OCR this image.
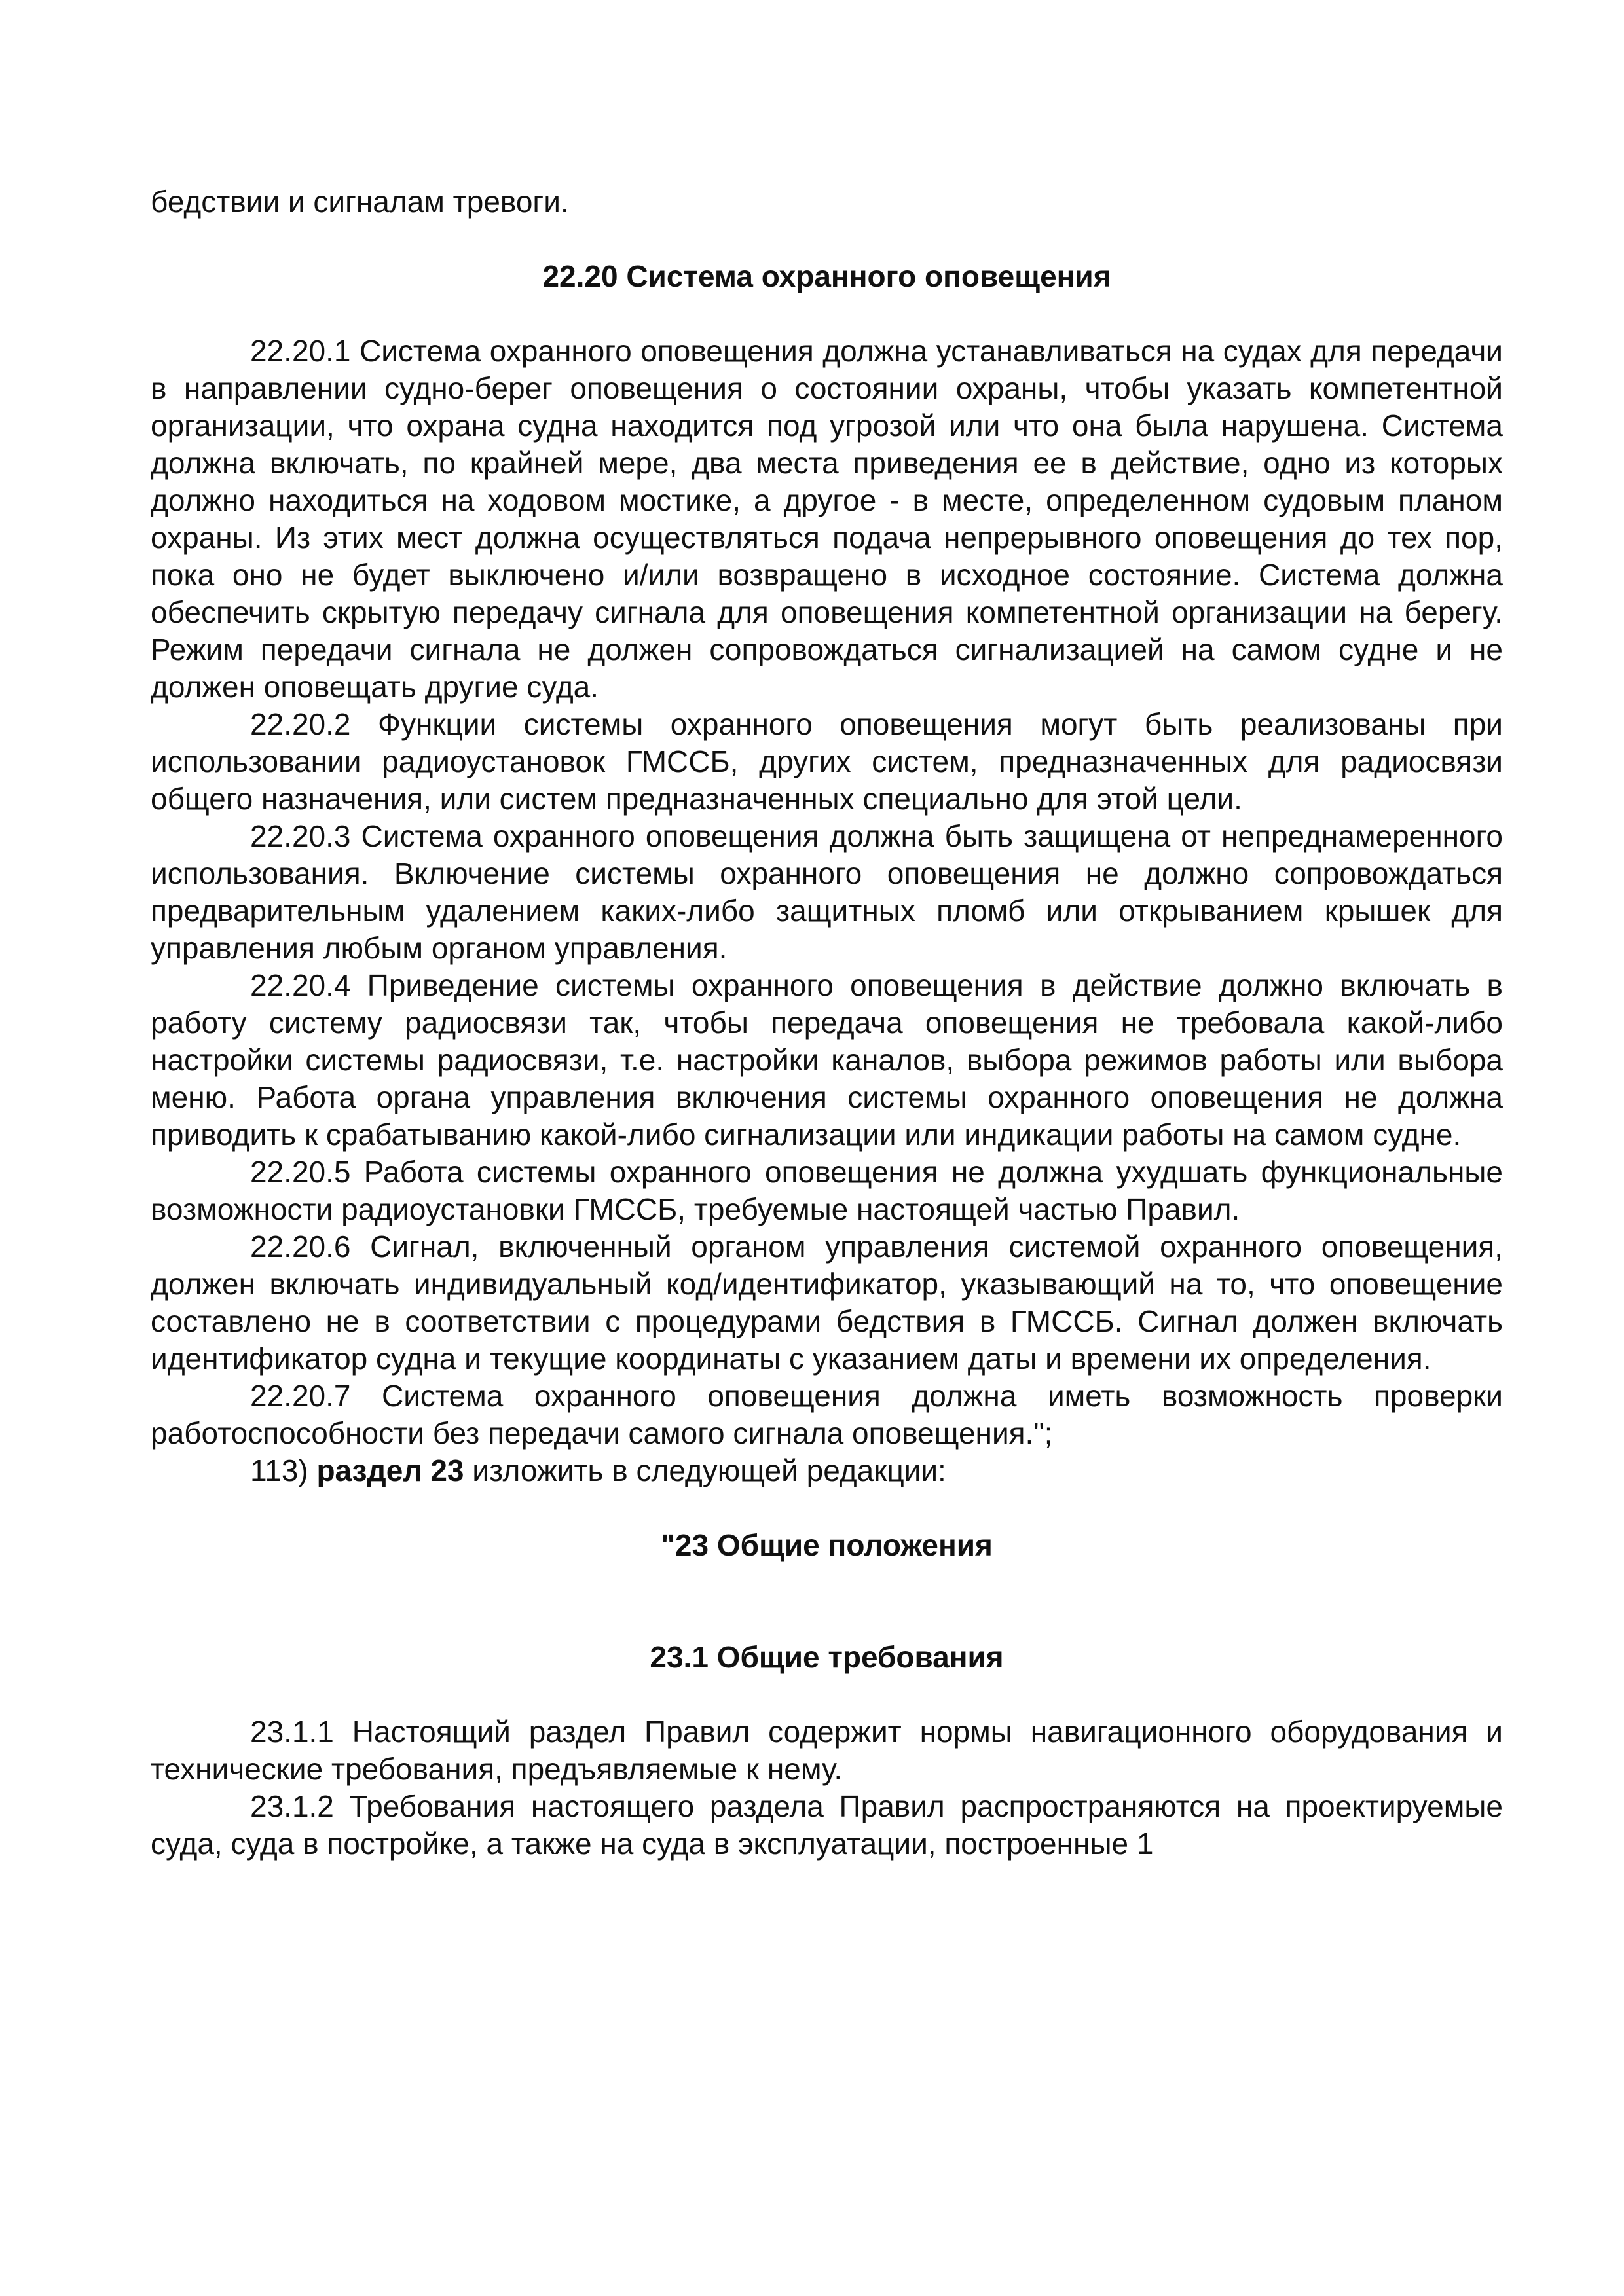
бедствии и сигналам тревоги.

22.20 Система охранного оповещения

22.20.1 Система охранного оповещения должна устанавливаться на судах для передачи в направлении судно-берег оповещения о состоянии охраны, чтобы указать компетентной организации, что охрана судна находится под угрозой или что она была нарушена. Система должна включать, по крайней мере, два места приведения ее в действие, одно из которых должно находиться на ходовом мостике, а другое - в месте, определенном судовым планом охраны. Из этих мест должна осуществляться подача непрерывного оповещения до тех пор, пока оно не будет выключено и/или возвращено в исходное состояние. Система должна обеспечить скрытую передачу сигнала для оповещения компетентной организации на берегу. Режим передачи сигнала не должен сопровождаться сигнализацией на самом судне и не должен оповещать другие суда.

22.20.2 Функции системы охранного оповещения могут быть реализованы при использовании радиоустановок ГМССБ, других систем, предназначенных для радиосвязи общего назначения, или систем предназначенных специально для этой цели.

22.20.3 Система охранного оповещения должна быть защищена от непреднамеренного использования. Включение системы охранного оповещения не должно сопровождаться предварительным удалением каких-либо защитных пломб или открыванием крышек для управления любым органом управления.

22.20.4 Приведение системы охранного оповещения в действие должно включать в работу систему радиосвязи так, чтобы передача оповещения не требовала какой-либо настройки системы радиосвязи, т.е. настройки каналов, выбора режимов работы или выбора меню. Работа органа управления включения системы охранного оповещения не должна приводить к срабатыванию какой-либо сигнализации или индикации работы на самом судне.

22.20.5 Работа системы охранного оповещения не должна ухудшать функциональные возможности радиоустановки ГМССБ, требуемые настоящей частью Правил.

22.20.6 Сигнал, включенный органом управления системой охранного оповещения, должен включать индивидуальный код/идентификатор, указывающий на то, что оповещение составлено не в соответствии с процедурами бедствия в ГМССБ. Сигнал должен включать идентификатор судна и текущие координаты с указанием даты и времени их определения.

22.20.7 Система охранного оповещения должна иметь возможность проверки работоспособности без передачи самого сигнала оповещения.";

113) раздел 23 изложить в следующей редакции:

"23 Общие положения

23.1 Общие требования

23.1.1 Настоящий раздел Правил содержит нормы навигационного оборудования и технические требования, предъявляемые к нему.

23.1.2 Требования настоящего раздела Правил распространяются на проектируемые суда, суда в постройке, а также на суда в эксплуатации, построенные 1
